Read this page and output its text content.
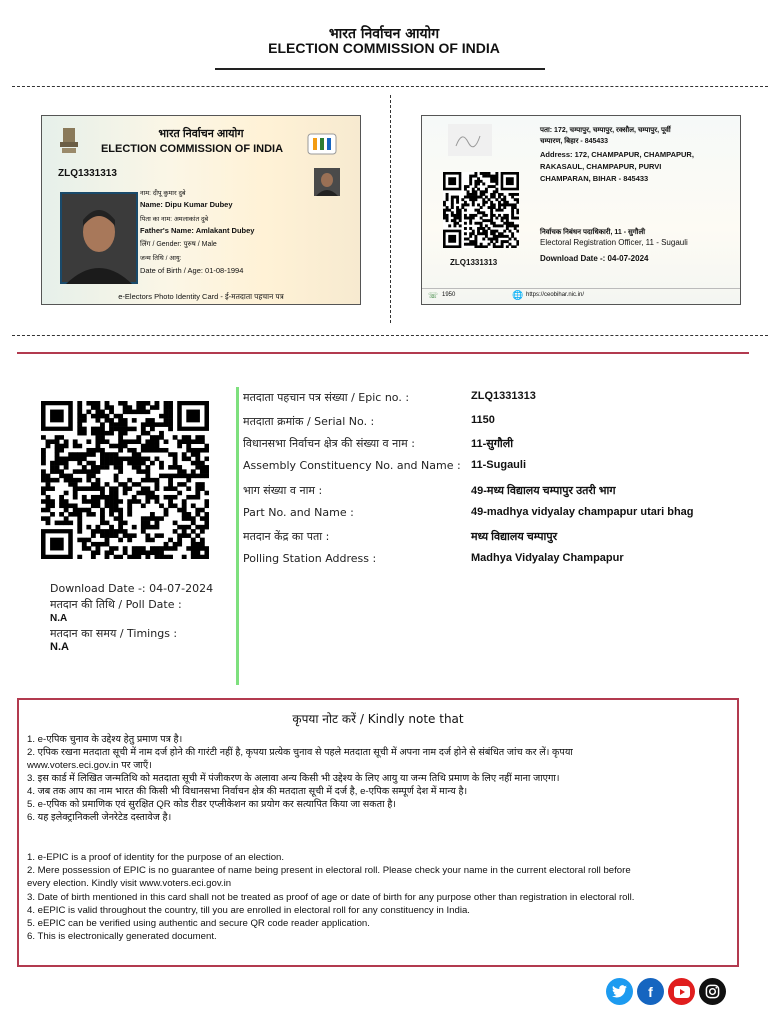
भारत निर्वाचन आयोग
ELECTION COMMISSION OF INDIA
भारत निर्वाचन आयोग
ELECTION COMMISSION OF INDIA
ZLQ1331313
नाम: दीपू कुमार दुबे
Name: Dipu Kumar Dubey
पिता का नाम: अमलाकांत दुबे
Father's Name: Amlakant Dubey
लिंग / Gender: पुरुष / Male
जन्म तिथि / आयु:
Date of Birth / Age: 01-08-1994
e-Electors Photo Identity Card - ई-मतदाता पहचान पत्र
पता: 172, चम्पापुर, चम्पापुर, रक्सौल, चम्पापुर, पूर्वी
चम्पारण, बिहार - 845433
Address: 172, CHAMPAPUR, CHAMPAPUR,
RAKASAUL, CHAMPAPUR, PURVI
CHAMPARAN, BIHAR - 845433
निर्वाचक निबंधन पदाधिकारी, 11 - सुगौली
Electoral Registration Officer, 11 - Sugauli
Download Date -: 04-07-2024
ZLQ1331313
☏ 1950	🌐 https://ceobihar.nic.in/
Download Date -: 04-07-2024
मतदान की तिथि / Poll Date :
N.A
मतदान का समय / Timings :
N.A
मतदाता पहचान पत्र संख्या / Epic no. :	ZLQ1331313
मतदाता क्रमांक / Serial No. :	1150
विधानसभा निर्वाचन क्षेत्र की संख्या व नाम :	11-सुगौली
Assembly Constituency No. and Name : 11-Sugauli
भाग संख्या व नाम :	49-मध्य विद्यालय चम्पापुर उतरी भाग
Part No. and Name :	49-madhya vidyalay champapur utari bhag
मतदान केंद्र का पता :	मध्य विद्यालय चम्पापुर
Polling Station Address :	Madhya Vidyalay Champapur
कृपया नोट करें / Kindly note that
1. e-एपिक चुनाव के उद्देश्य हेतु प्रमाण पत्र है।
2. एपिक रखना मतदाता सूची में नाम दर्ज होने की गारंटी नहीं है, कृपया प्रत्येक चुनाव से पहले मतदाता सूची में अपना नाम दर्ज होने से संबंधित जांच कर लें। कृपया
www.voters.eci.gov.in पर जाएँ।
3. इस कार्ड में लिखित जन्मतिथि को मतदाता सूची में पंजीकरण के अलावा अन्य किसी भी उद्देश्य के लिए आयु या जन्म तिथि प्रमाण के लिए नहीं माना जाएगा।
4. जब तक आप का नाम भारत की किसी भी विधानसभा निर्वाचन क्षेत्र की मतदाता सूची में दर्ज है, e-एपिक सम्पूर्ण देश में मान्य है।
5. e-एपिक को प्रमाणिक एवं सुरक्षित QR कोड रीडर एप्लीकेशन का प्रयोग कर सत्यापित किया जा सकता है।
6. यह इलेक्ट्रानिकली जेनरेटेड दस्तावेज है।
1. e-EPIC is a proof of identity for the purpose of an election.
2. Mere possession of EPIC is no guarantee of name being present in electoral roll. Please check your name in the current electoral roll before
every election. Kindly visit www.voters.eci.gov.in
3. Date of birth mentioned in this card shall not be treated as proof of age or date of birth for any purpose other than registration in electoral roll.
4. eEPIC is valid throughout the country, till you are enrolled in electoral roll for any constituency in India.
5. eEPIC can be verified using authentic and secure QR code reader application.
6. This is electronically generated document.
f
